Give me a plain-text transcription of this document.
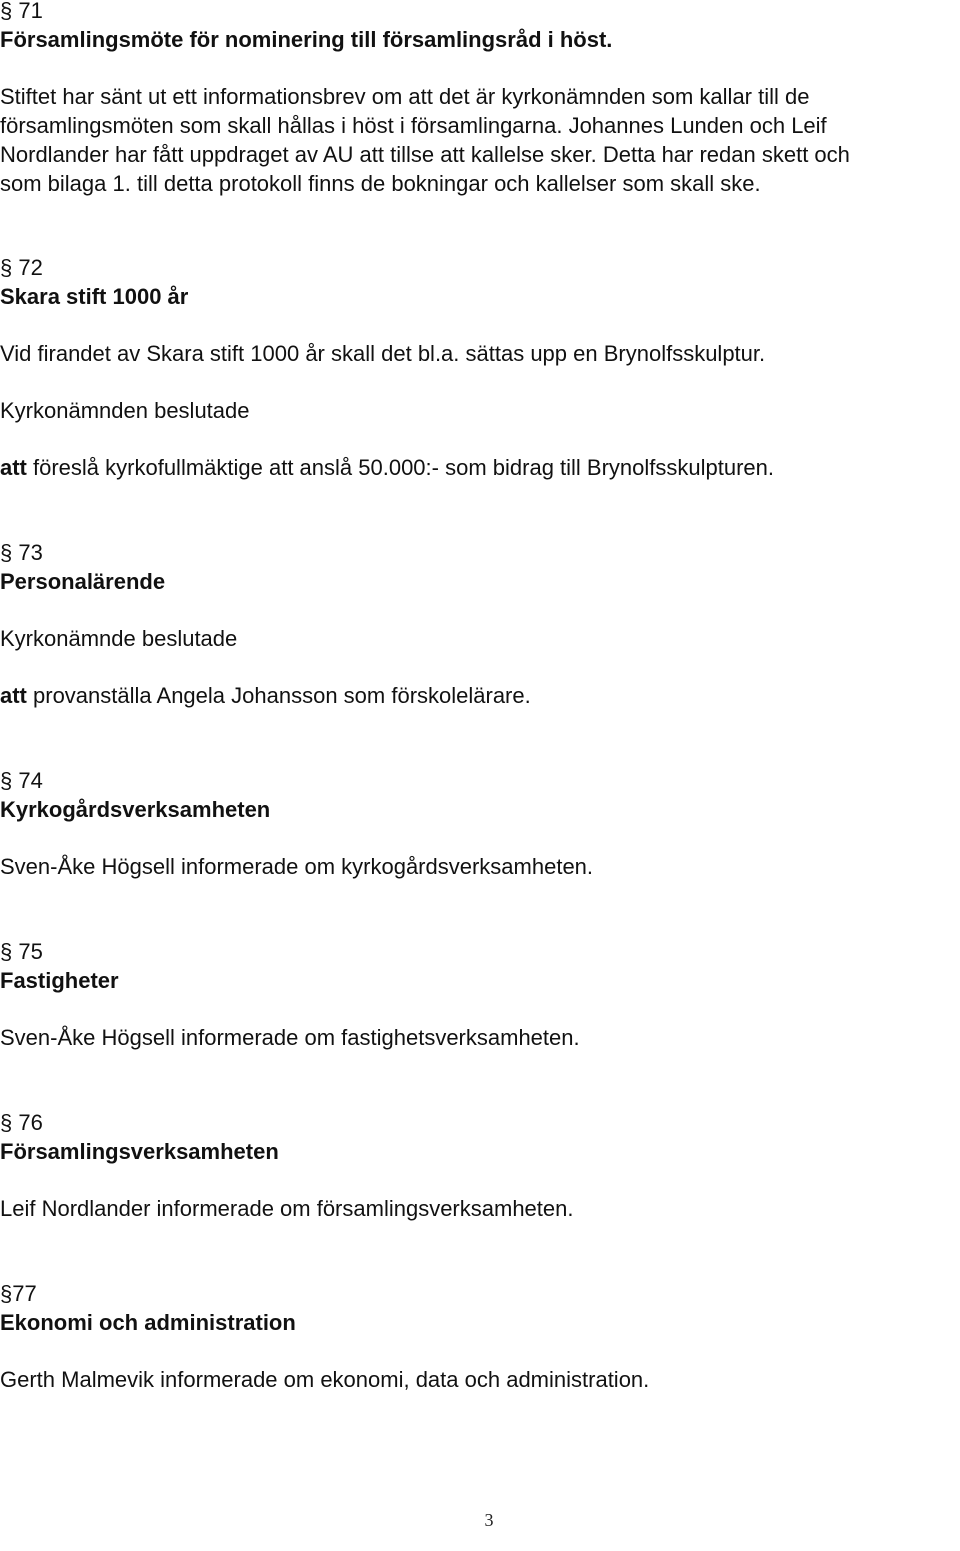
§ 71
Församlingsmöte för nominering till församlingsråd i höst.
Stiftet har sänt ut ett informationsbrev om att det är kyrkonämnden som kallar till de
församlingsmöten som skall hållas i höst i församlingarna. Johannes Lunden och Leif
Nordlander har fått uppdraget av AU att tillse att kallelse sker. Detta har redan skett och
som bilaga 1. till detta protokoll finns de bokningar och kallelser som skall ske.
§ 72
Skara stift 1000 år
Vid firandet av Skara stift 1000 år skall det bl.a. sättas upp en Brynolfsskulptur.
Kyrkonämnden beslutade
att föreslå kyrkofullmäktige att anslå 50.000:- som bidrag till Brynolfsskulpturen.
§ 73
Personalärende
Kyrkonämnde beslutade
att provanställa Angela Johansson som förskolelärare.
§ 74
Kyrkogårdsverksamheten
Sven-Åke Högsell informerade om kyrkogårdsverksamheten.
§ 75
Fastigheter
Sven-Åke Högsell informerade om fastighetsverksamheten.
§ 76
Församlingsverksamheten
Leif Nordlander informerade om församlingsverksamheten.
§77
Ekonomi och administration
Gerth Malmevik informerade om ekonomi, data och administration.
3
